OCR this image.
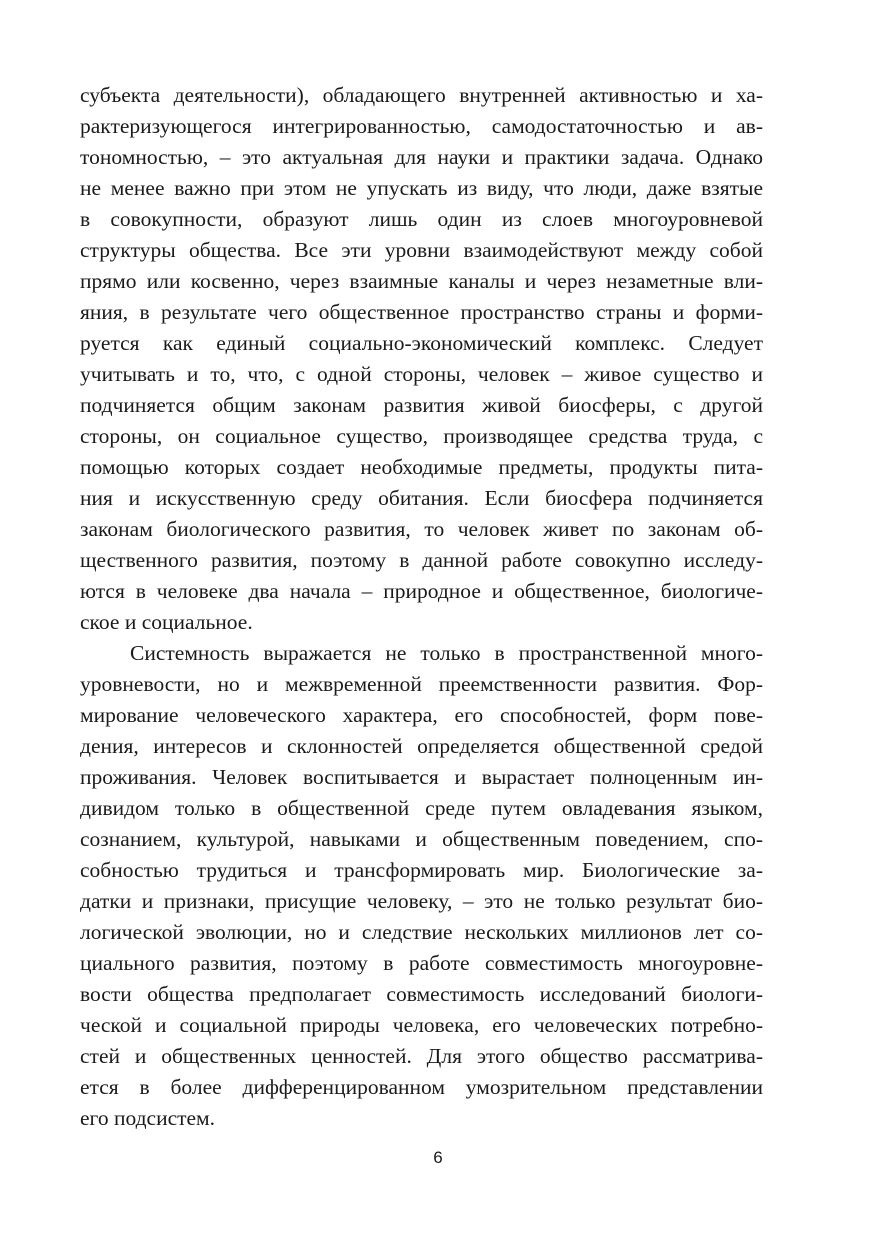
субъекта деятельности), обладающего внутренней активностью и ха-
рактеризующегося интегрированностью, самодостаточностью и ав-
тономностью, – это актуальная для науки и практики задача. Однако
не менее важно при этом не упускать из виду, что люди, даже взятые
в совокупности, образуют лишь один из слоев многоуровневой
структуры общества. Все эти уровни взаимодействуют между собой
прямо или косвенно, через взаимные каналы и через незаметные вли-
яния, в результате чего общественное пространство страны и форми-
руется как единый социально-экономический комплекс. Следует
учитывать и то, что, с одной стороны, человек – живое существо и
подчиняется общим законам развития живой биосферы, с другой
стороны, он социальное существо, производящее средства труда, с
помощью которых создает необходимые предметы, продукты пита-
ния и искусственную среду обитания. Если биосфера подчиняется
законам биологического развития, то человек живет по законам об-
щественного развития, поэтому в данной работе совокупно исследу-
ются в человеке два начала – природное и общественное, биологиче-
ское и социальное.
Системность выражается не только в пространственной много-
уровневости, но и межвременной преемственности развития. Фор-
мирование человеческого характера, его способностей, форм пове-
дения, интересов и склонностей определяется общественной средой
проживания. Человек воспитывается и вырастает полноценным ин-
дивидом только в общественной среде путем овладевания языком,
сознанием, культурой, навыками и общественным поведением, спо-
собностью трудиться и трансформировать мир. Биологические за-
датки и признаки, присущие человеку, – это не только результат био-
логической эволюции, но и следствие нескольких миллионов лет со-
циального развития, поэтому в работе совместимость многоуровне-
вости общества предполагает совместимость исследований биологи-
ческой и социальной природы человека, его человеческих потребно-
стей и общественных ценностей. Для этого общество рассматрива-
ется в более дифференцированном умозрительном представлении
его подсистем.
6
